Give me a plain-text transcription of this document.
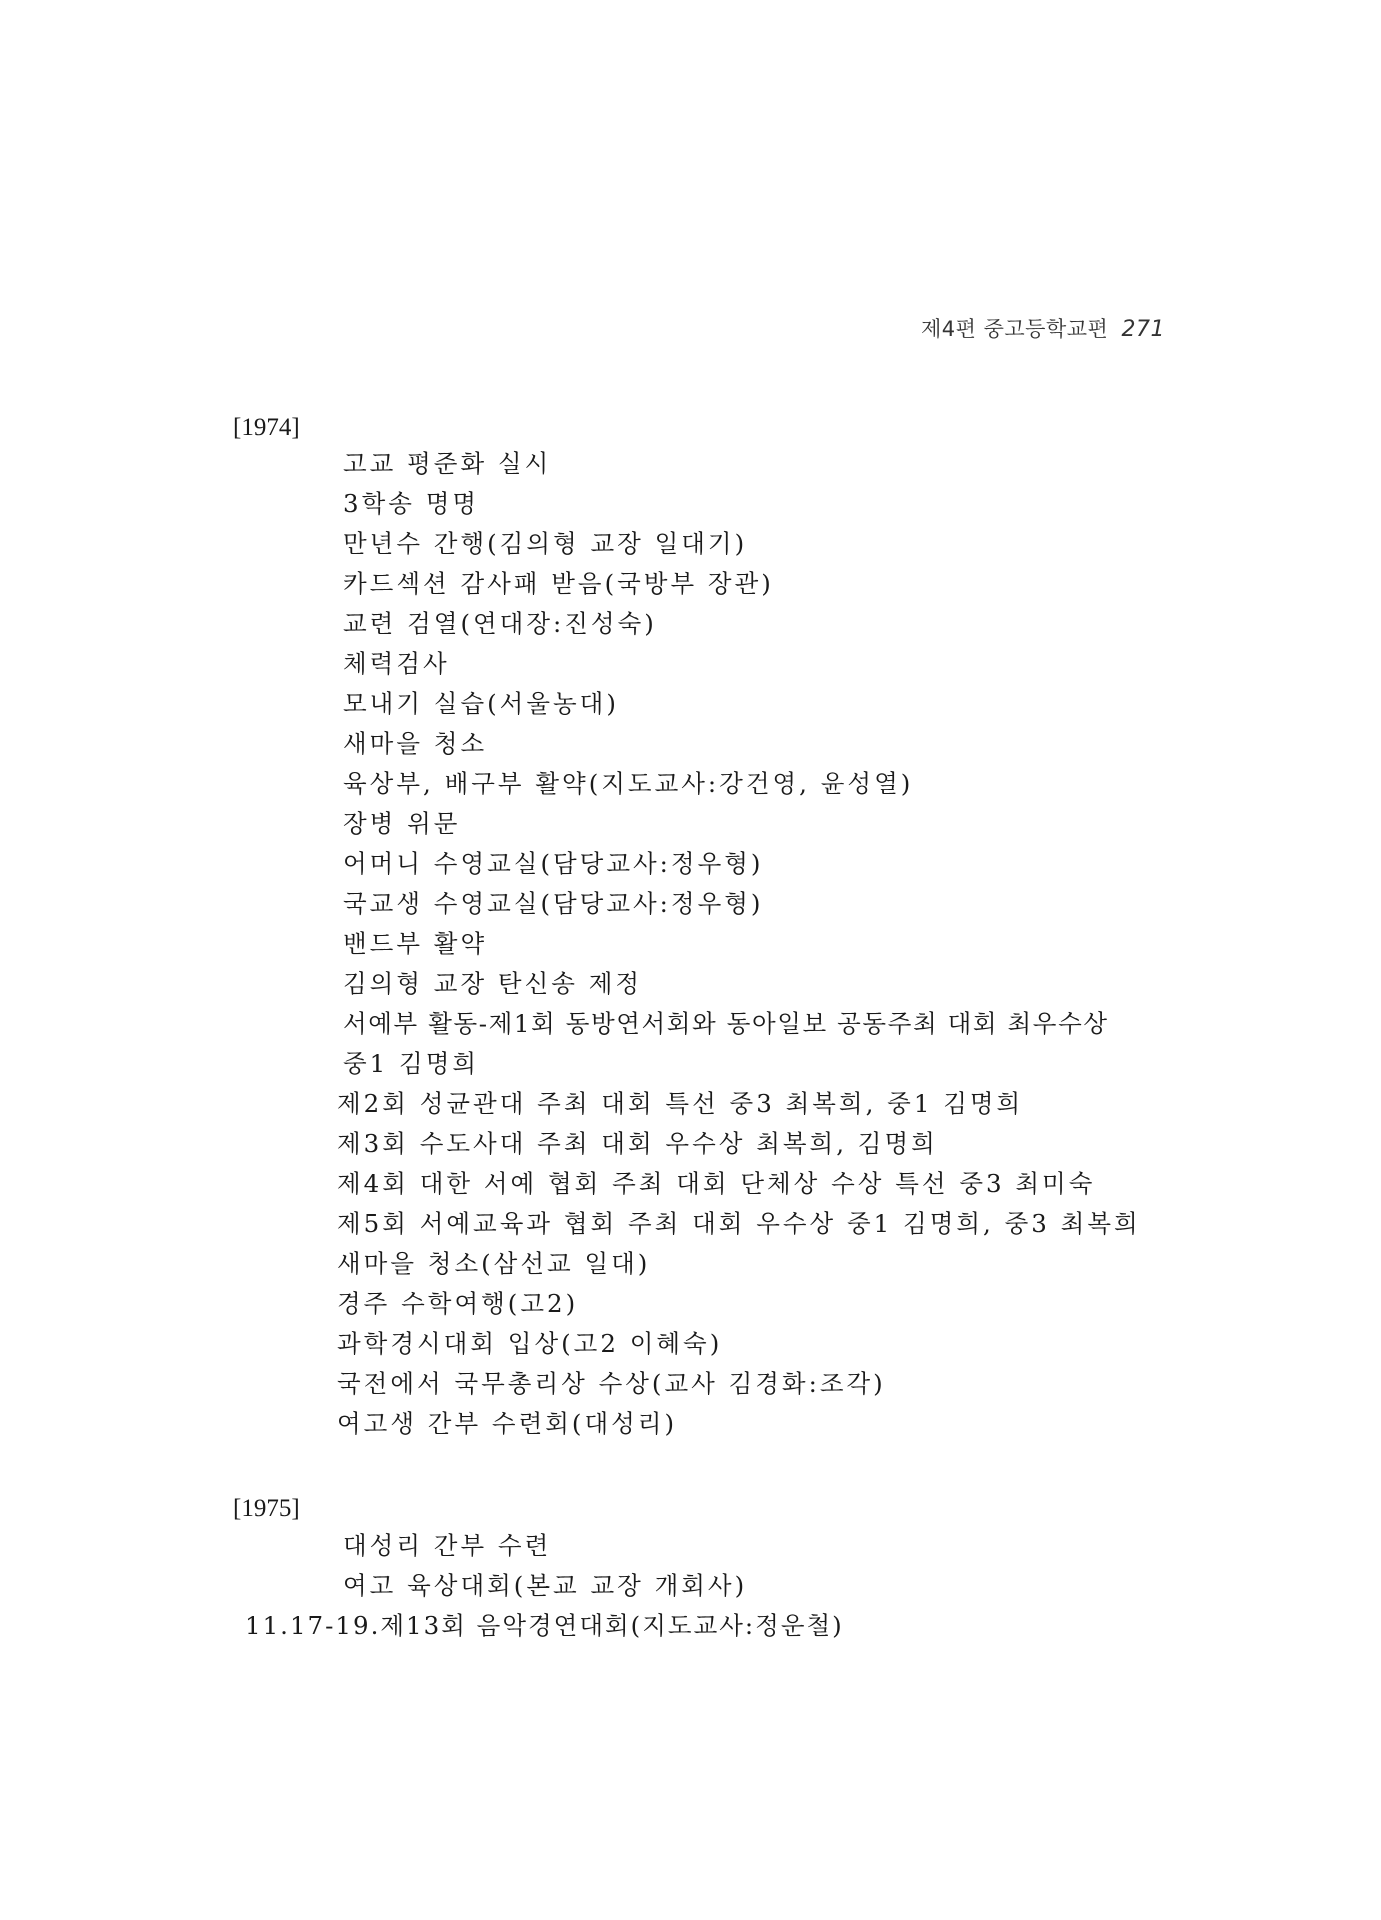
제4편 중고등학교편 271
[1974]
고교 평준화 실시
3학송 명명
만년수 간행(김의형 교장 일대기)
카드섹션 감사패 받음(국방부 장관)
교련 검열(연대장:진성숙)
체력검사
모내기 실습(서울농대)
새마을 청소
육상부, 배구부 활약(지도교사:강건영, 윤성열)
장병 위문
어머니 수영교실(담당교사:정우형)
국교생 수영교실(담당교사:정우형)
밴드부 활약
김의형 교장 탄신송 제정
서예부 활동-제1회 동방연서회와 동아일보 공동주최 대회 최우수상
중1 김명희
제2회 성균관대 주최 대회 특선 중3 최복희, 중1 김명희
제3회 수도사대 주최 대회 우수상 최복희, 김명희
제4회 대한 서예 협회 주최 대회 단체상 수상 특선 중3 최미숙
제5회 서예교육과 협회 주최 대회 우수상 중1 김명희, 중3 최복희
새마을 청소(삼선교 일대)
경주 수학여행(고2)
과학경시대회 입상(고2 이혜숙)
국전에서 국무총리상 수상(교사 김경화:조각)
여고생 간부 수련회(대성리)
[1975]
대성리 간부 수련
여고 육상대회(본교 교장 개회사)
11.17-19.제13회 음악경연대회(지도교사:정운철)
